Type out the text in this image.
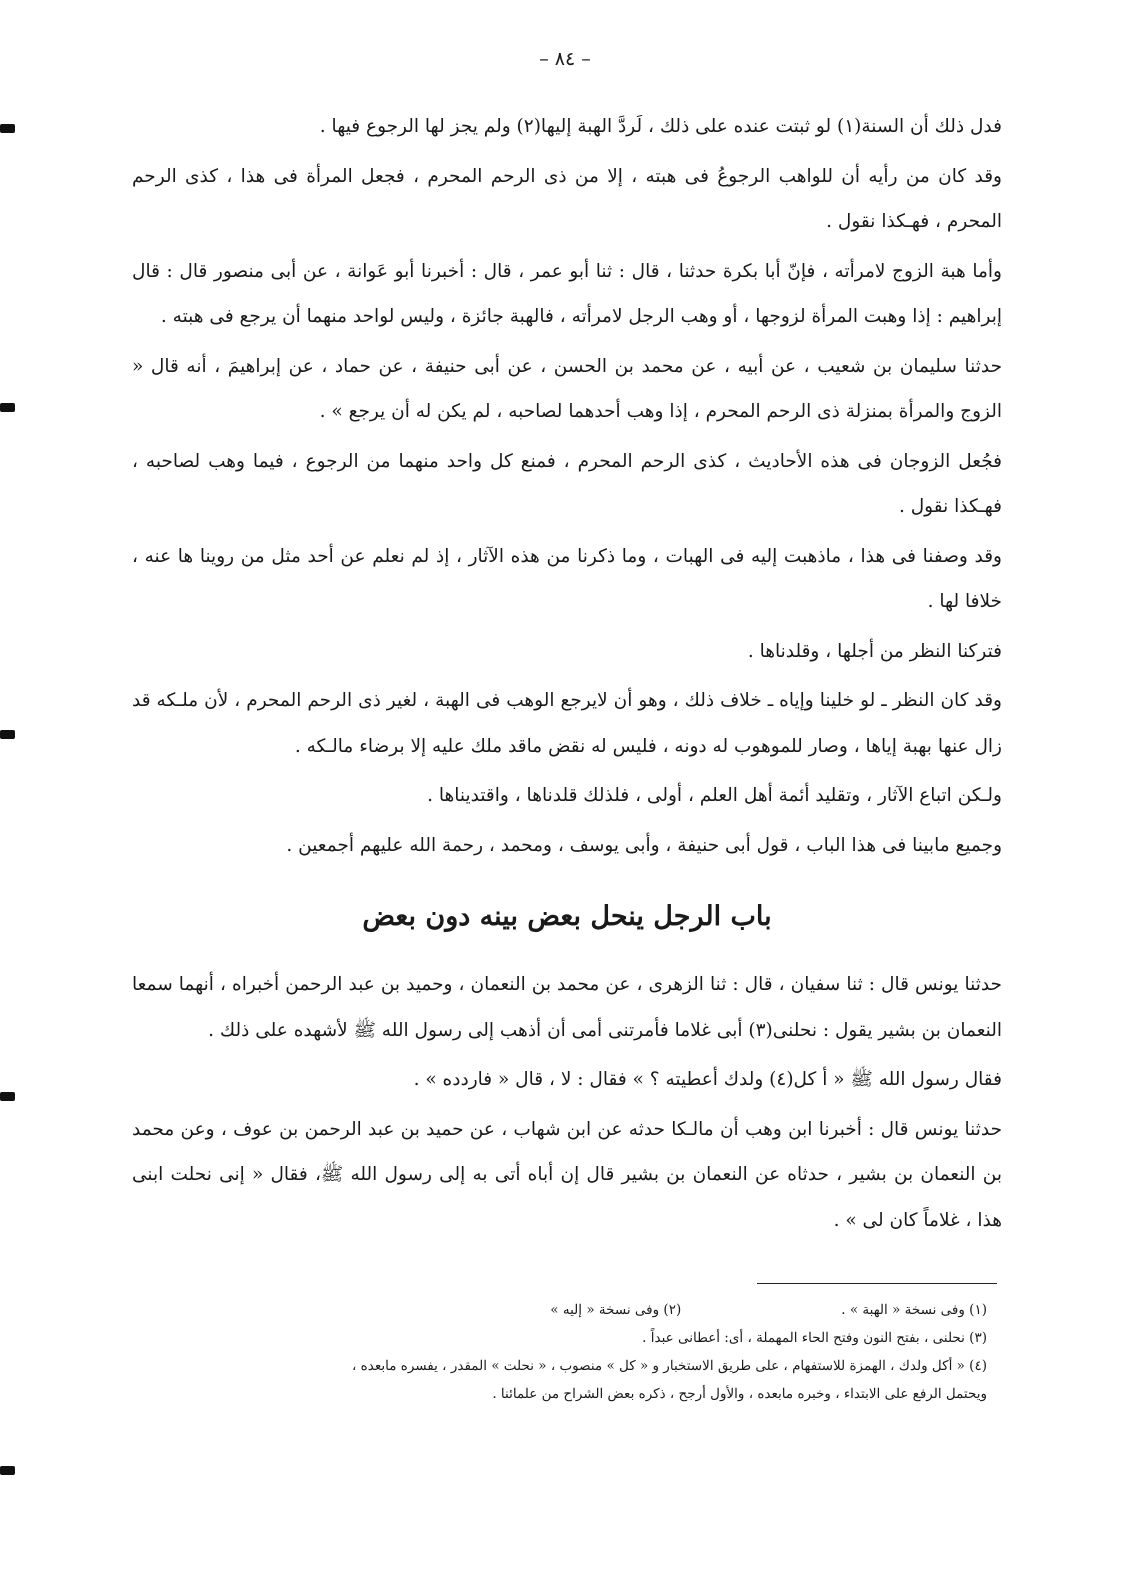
– ٨٤ –

فدل ذلك أن السنة(١) لو ثبتت عنده على ذلك ، لَردَّ الهبة إليها(٢) ولم يجز لها الرجوع فيها .

وقد كان من رأيه أن للواهب الرجوعُ فى هبته ، إلا من ذى الرحم المحرم ، فجعل المرأة فى هذا ، كذى الرحم المحرم ، فهـكذا نقول .

وأما هبة الزوج لامرأته ، فإنّ أبا بكرة حدثنا ، قال : ثنا أبو عمر ، قال : أخبرنا أبو عَوانة ، عن أبى منصور قال : قال إبراهيم : إذا وهبت المرأة لزوجها ، أو وهب الرجل لامرأته ، فالهبة جائزة ، وليس لواحد منهما أن يرجع فى هبته .

حدثنا سليمان بن شعيب ، عن أبيه ، عن محمد بن الحسن ، عن أبى حنيفة ، عن حماد ، عن إبراهيمَ ، أنه قال « الزوج والمرأة بمنزلة ذى الرحم المحرم ، إذا وهب أحدهما لصاحبه ، لم يكن له أن يرجع » .

فجُعل الزوجان فى هذه الأحاديث ، كذى الرحم المحرم ، فمنع كل واحد منهما من الرجوع ، فيما وهب لصاحبه ، فهـكذا نقول .

وقد وصفنا فى هذا ، ماذهبت إليه فى الهبات ، وما ذكرنا من هذه الآثار ، إذ لم نعلم عن أحد مثل من روينا ها عنه ، خلافا لها .

فتركنا النظر من أجلها ، وقلدناها .

وقد كان النظر ـ لو خلينا وإياه ـ خلاف ذلك ، وهو أن لايرجع الوهب فى الهبة ، لغير ذى الرحم المحرم ، لأن ملـكه قد زال عنها بهبة إياها ، وصار للموهوب له دونه ، فليس له نقض ماقد ملك عليه إلا برضاء مالـكه .

ولـكن اتباع الآثار ، وتقليد أئمة أهل العلم ، أولى ، فلذلك قلدناها ، واقتديناها .

وجميع مابينا فى هذا الباب ، قول أبى حنيفة ، وأبى يوسف ، ومحمد ، رحمة الله عليهم أجمعين .

باب الرجل ينحل بعض بينه دون بعض

حدثنا يونس قال : ثنا سفيان ، قال : ثنا الزهرى ، عن محمد بن النعمان ، وحميد بن عبد الرحمن أخبراه ، أنهما سمعا النعمان بن بشير يقول : نحلنى(٣) أبى غلاما فأمرتنى أمى أن أذهب إلى رسول الله ﷺ لأشهده على ذلك .

فقال رسول الله ﷺ « أ كل(٤) ولدك أعطيته ؟ » فقال : لا ، قال « فاردده » .

حدثنا يونس قال : أخبرنا ابن وهب أن مالـكا حدثه عن ابن شهاب ، عن حميد بن عبد الرحمن بن عوف ، وعن محمد بن النعمان بن بشير ، حدثاه عن النعمان بن بشير قال إن أباه أتى به إلى رسول الله ﷺ، فقال « إنى نحلت ابنى هذا ، غلاماً كان لى » .

(١) وفى نسخة « الهبة » .

(٢) وفى نسخة « إليه »

(٣) نحلنى ، بفتح النون وفتح الحاء المهملة ، أى: أعطانى عبداً .

(٤) « أكل ولدك ، الهمزة للاستفهام ، على طريق الاستخبار و « كل » منصوب ، « نحلت » المقدر ، يفسره مابعده ،

ويحتمل الرفع على الابتداء ، وخبره مابعده ، والأول أرجح ، ذكره بعض الشراح من علمائنا .
